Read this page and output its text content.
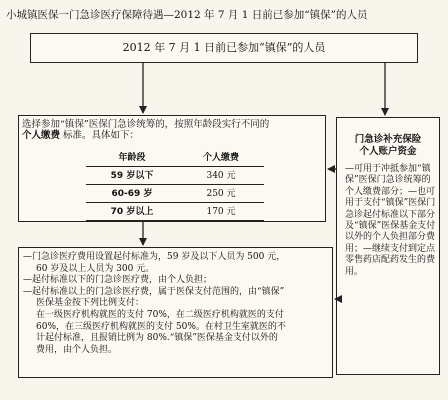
小城镇医保一门急诊医疗保障待遇—2012 年 7 月 1 日前已参加“镇保”的人员
2012 年 7 月 1 日前已参加“镇保”的人员
选择参加“镇保”医保门急诊统筹的，按照年龄段实行不同的
个人缴费 标准。具体如下：
年龄段	个人缴费
59 岁以下	340 元
60-69 岁	250 元
70 岁以上	170 元
门急诊补充保险
个人账户资金
—可用于冲抵参加“镇保”医保门急诊统筹的个人缴费部分；—也可用于支付“镇保”医保门急诊起付标准以下部分及“镇保”医保基金支付以外的个人负担部分费用；—继续支付到定点零售药店配药发生的费用。

—门急诊医疗费用设置起付标准为，59 岁及以下人员为 500 元，

60 岁及以上人员为 300 元。

—起付标准以下的门急诊医疗费，由个人负担；

—起付标准以上的门急诊医疗费，属于医保支付范围的，由“镇保”

医保基金按下列比例支付：

在一级医疗机构就医的支付 70%，在二级医疗机构就医的支付

60%，在三级医疗机构就医的支付 50%。在村卫生室就医的不

计起付标准，且报销比例为 80%.“镇保”医保基金支付以外的

费用，由个人负担。
